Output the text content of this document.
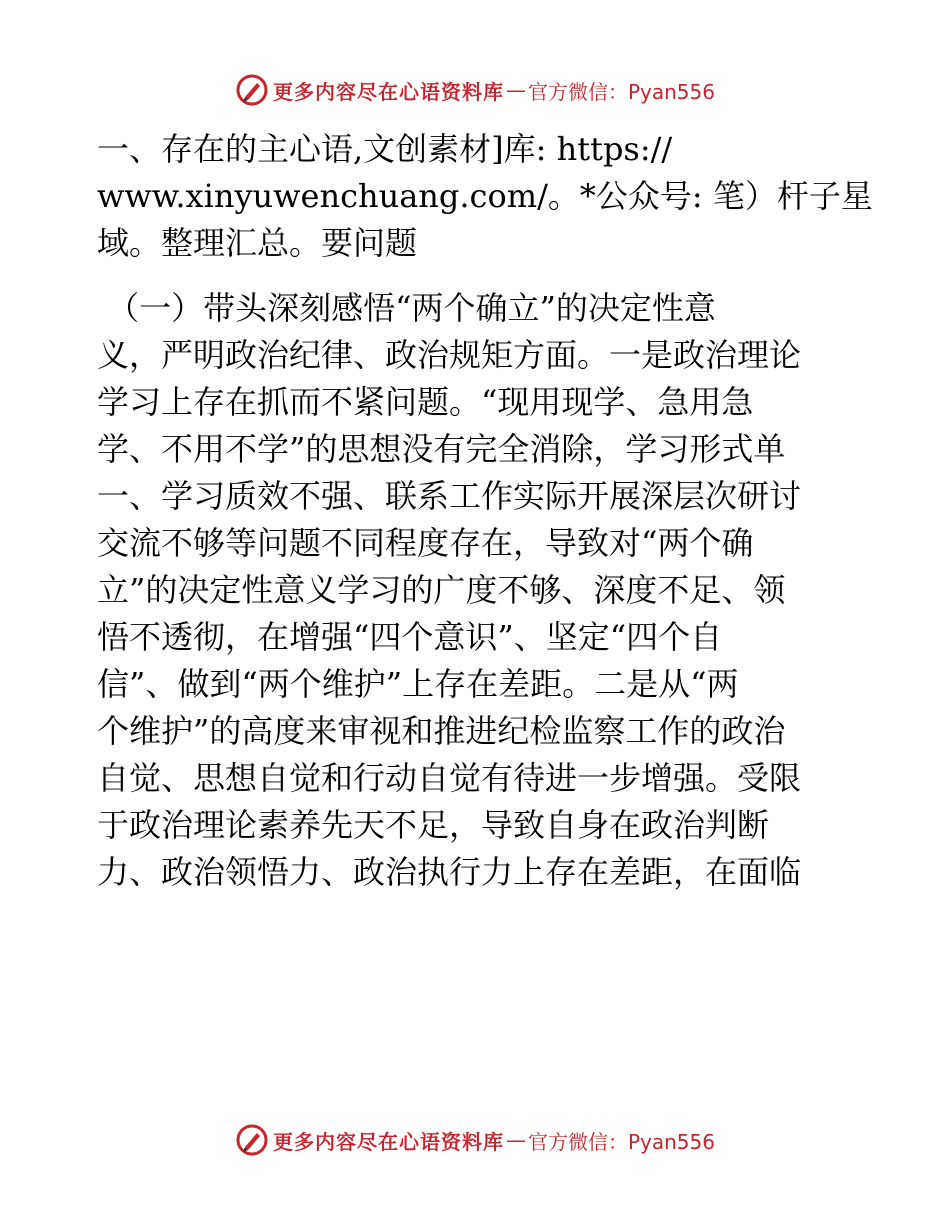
更多内容尽在心语资料库 — 官方微信：Pyan556
一、存在的主心语,文创素材]库: https://
www.xinyuwenchuang.com/。*公众号: 笔）杆子星
域。整理汇总。要问题
（一）带头深刻感悟“两个确立”的决定性意
义，严明政治纪律、政治规矩方面。一是政治理论
学习上存在抓而不紧问题。“现用现学、急用急
学、不用不学”的思想没有完全消除，学习形式单
一、学习质效不强、联系工作实际开展深层次研讨
交流不够等问题不同程度存在，导致对“两个确
立”的决定性意义学习的广度不够、深度不足、领
悟不透彻，在增强“四个意识”、坚定“四个自
信”、做到“两个维护”上存在差距。二是从“两
个维护”的高度来审视和推进纪检监察工作的政治
自觉、思想自觉和行动自觉有待进一步增强。受限
于政治理论素养先天不足，导致自身在政治判断
力、政治领悟力、政治执行力上存在差距，在面临
更多内容尽在心语资料库 — 官方微信：Pyan556
